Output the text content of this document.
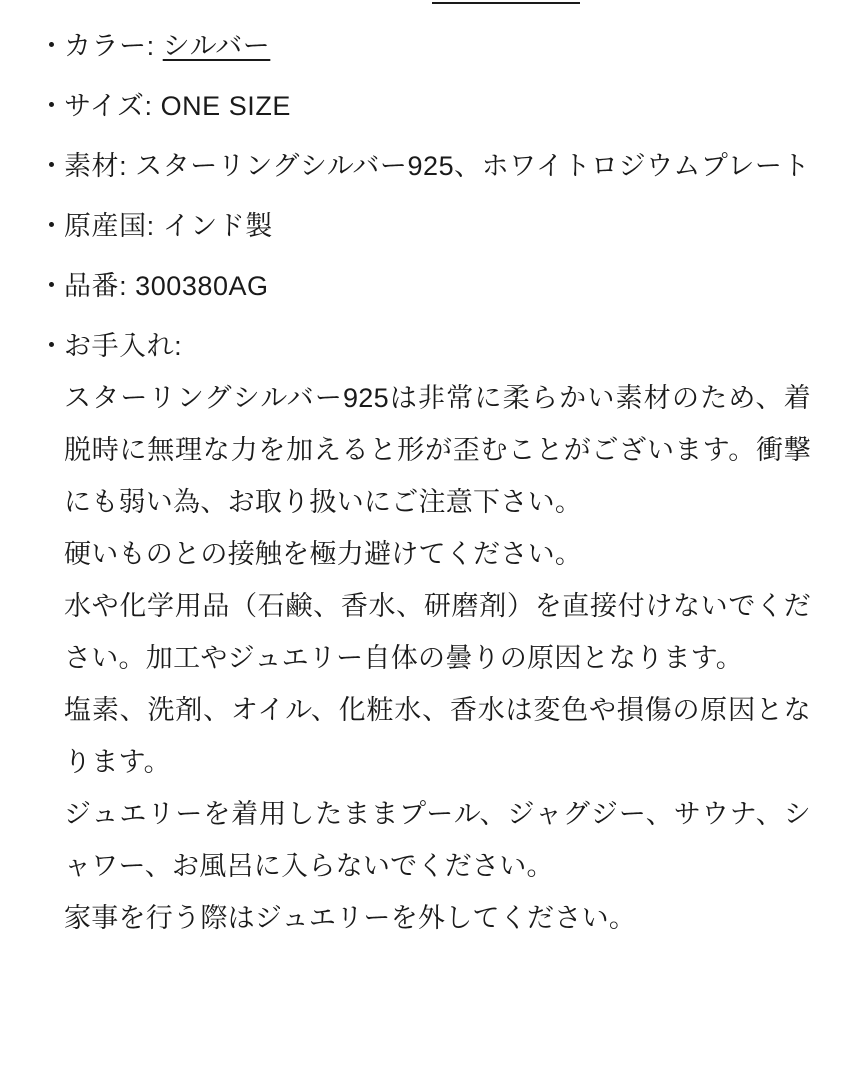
・
カラー: シルバー
・
サイズ: ONE SIZE
・
素材: スターリングシルバー925、ホワイトロジウムプレート
・
原産国: インド製
・
品番: 300380AG
・
お手入れ:

スターリングシルバー925は非常に柔らかい素材のため、着脱時に無理な力を加えると形が歪むことがございます。衝撃にも弱い為、お取り扱いにご注意下さい。

硬いものとの接触を極力避けてください。

水や化学用品（石鹸、香水、研磨剤）を直接付けないでください。加工やジュエリー自体の曇りの原因となります。

塩素、洗剤、オイル、化粧水、香水は変色や損傷の原因となります。

ジュエリーを着用したままプール、ジャグジー、サウナ、シャワー、お風呂に入らないでください。

家事を行う際はジュエリーを外してください。
